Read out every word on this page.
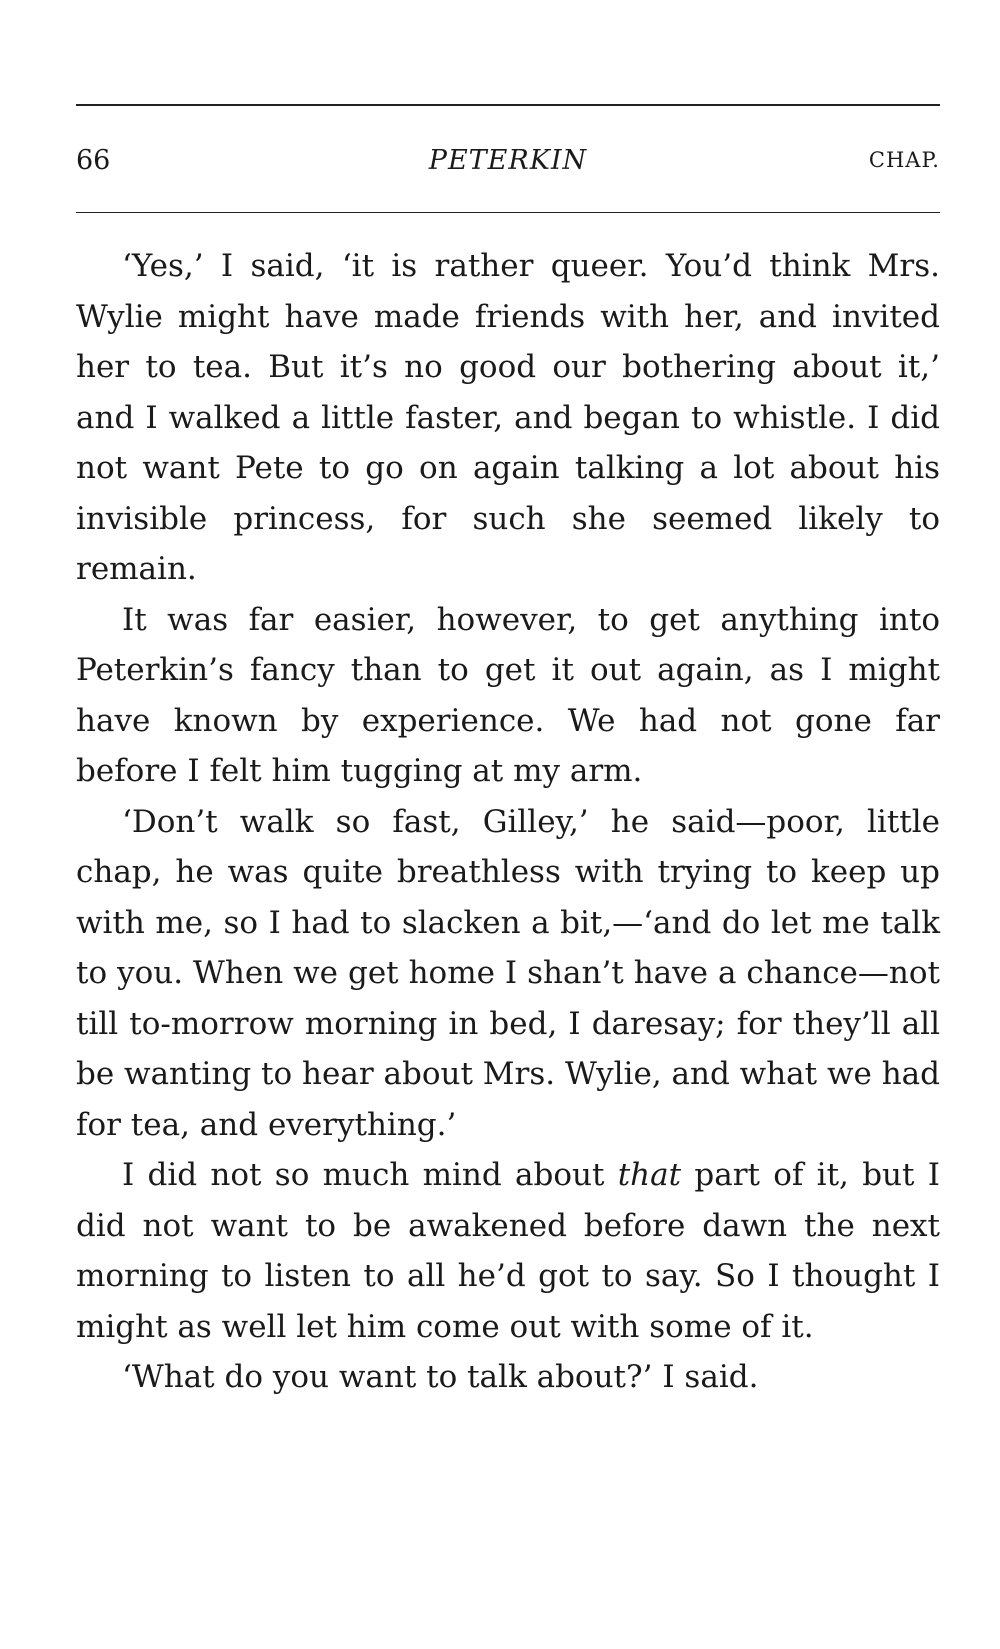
66	PETERKIN	CHAP.

‘Yes,’ I said, ‘it is rather queer. You’d think Mrs. Wylie might have made friends with her, and invited her to tea. But it’s no good our bothering about it,’ and I walked a little faster, and began to whistle. I did not want Pete to go on again talking a lot about his invisible princess, for such she seemed likely to remain.

It was far easier, however, to get anything into Peterkin’s fancy than to get it out again, as I might have known by experience. We had not gone far before I felt him tugging at my arm.

‘Don’t walk so fast, Gilley,’ he said—poor, little chap, he was quite breathless with trying to keep up with me, so I had to slacken a bit,—‘and do let me talk to you. When we get home I shan’t have a chance—not till to-morrow morning in bed, I daresay; for they’ll all be wanting to hear about Mrs. Wylie, and what we had for tea, and everything.’

I did not so much mind about that part of it, but I did not want to be awakened before dawn the next morning to listen to all he’d got to say. So I thought I might as well let him come out with some of it.

‘What do you want to talk about?’ I said.
